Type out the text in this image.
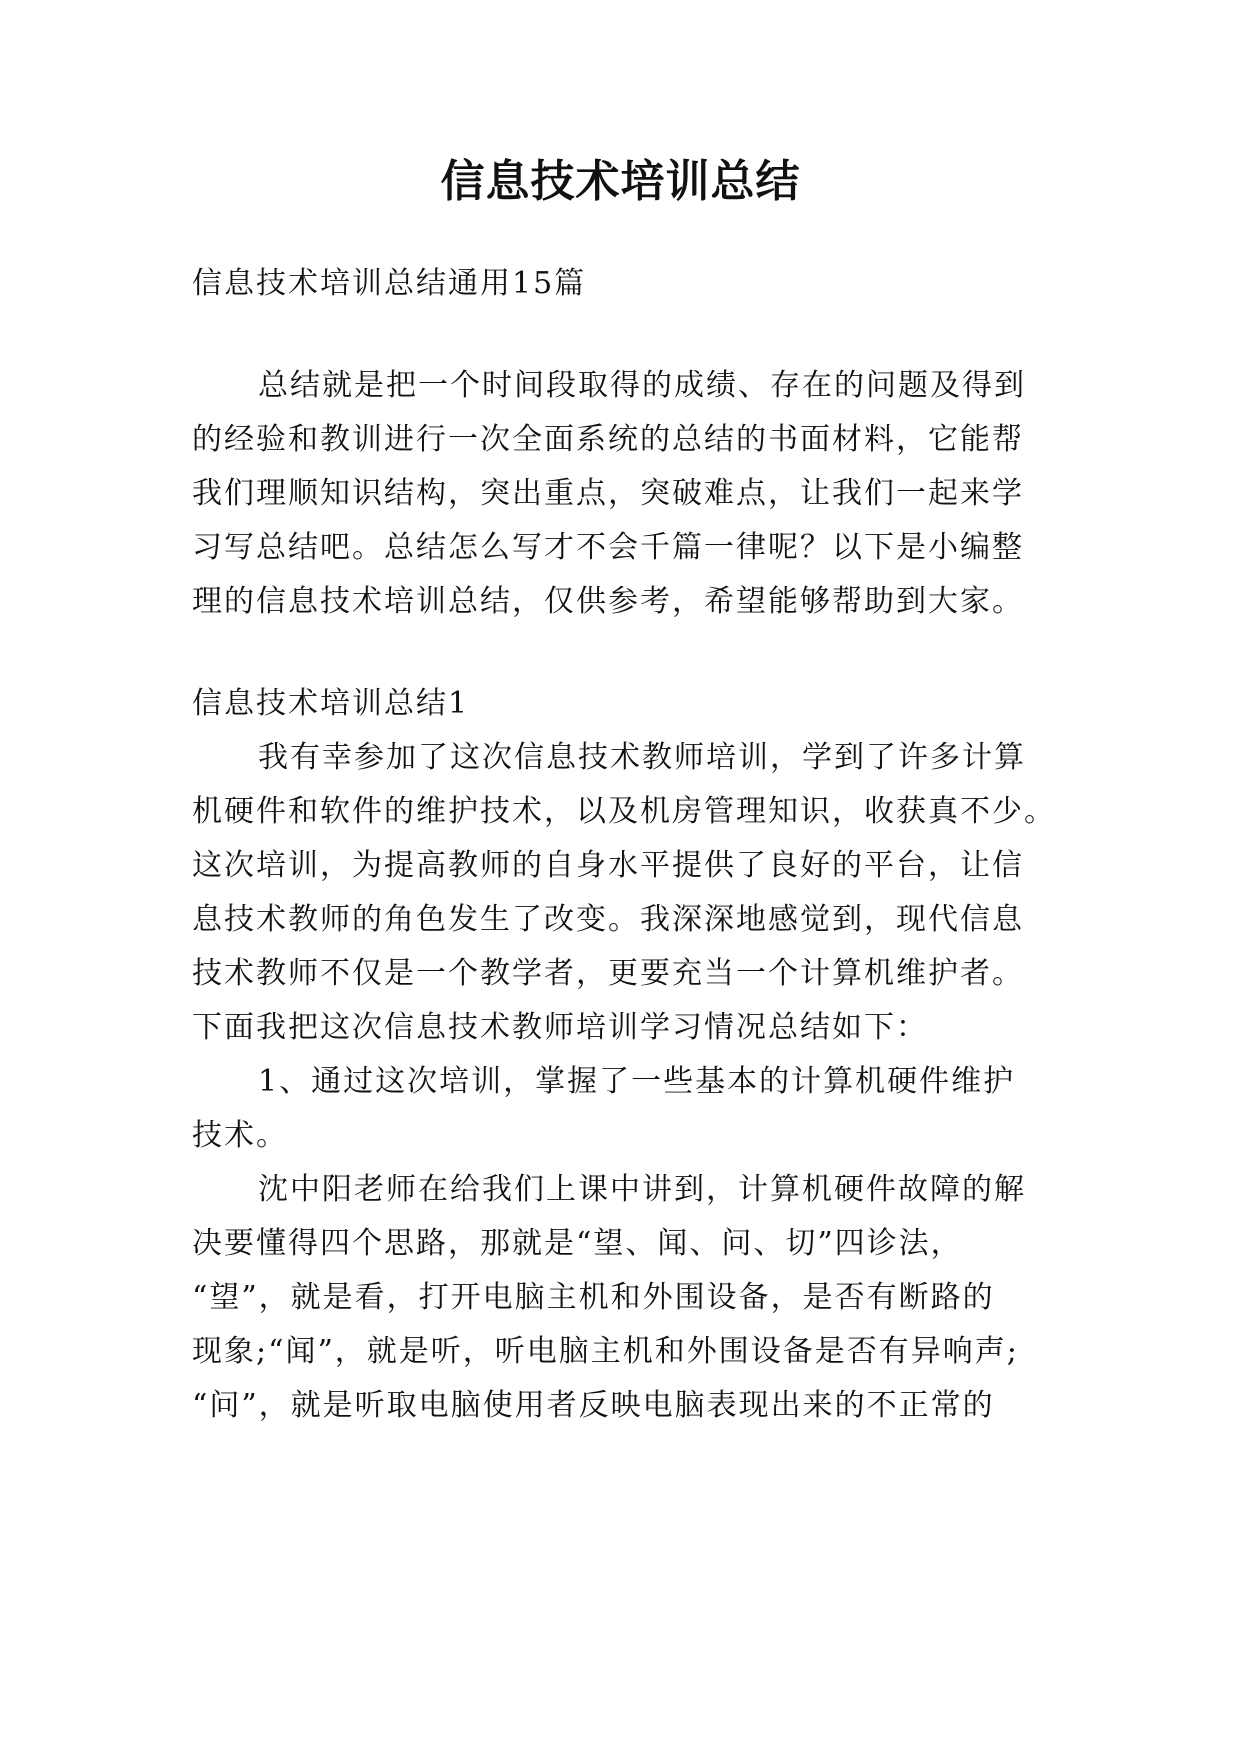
信息技术培训总结

信息技术培训总结通用15篇

总结就是把一个时间段取得的成绩、存在的问题及得到

的经验和教训进行一次全面系统的总结的书面材料，它能帮

我们理顺知识结构，突出重点，突破难点，让我们一起来学

习写总结吧。总结怎么写才不会千篇一律呢？以下是小编整

理的信息技术培训总结，仅供参考，希望能够帮助到大家。

信息技术培训总结1

我有幸参加了这次信息技术教师培训，学到了许多计算

机硬件和软件的维护技术，以及机房管理知识，收获真不少。

这次培训，为提高教师的自身水平提供了良好的平台，让信

息技术教师的角色发生了改变。我深深地感觉到，现代信息

技术教师不仅是一个教学者，更要充当一个计算机维护者。

下面我把这次信息技术教师培训学习情况总结如下：

1、通过这次培训，掌握了一些基本的计算机硬件维护

技术。

沈中阳老师在给我们上课中讲到，计算机硬件故障的解

决要懂得四个思路，那就是“望、闻、问、切”四诊法，

“望”，就是看，打开电脑主机和外围设备，是否有断路的

现象;“闻”，就是听，听电脑主机和外围设备是否有异响声;

“问”，就是听取电脑使用者反映电脑表现出来的不正常的
